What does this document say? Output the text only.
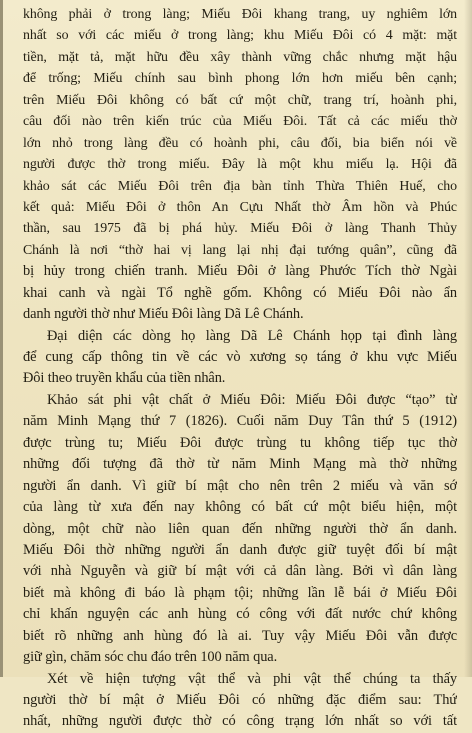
không phải ở trong làng; Miếu Đôi khang trang, uy nghiêm lớn
nhất so với các miếu ở trong làng; khu Miếu Đôi có 4 mặt: mặt
tiền, mặt tả, mặt hữu đều xây thành vững chắc nhưng mặt hậu
để trống; Miếu chính sau bình phong lớn hơn miếu bên cạnh;
trên Miếu Đôi không có bất cứ một chữ, trang trí, hoành phi,
câu đối nào trên kiến trúc của Miếu Đôi. Tất cả các miếu thờ
lớn nhỏ trong làng đều có hoành phi, câu đối, bia biển nói về
người được thờ trong miếu. Đây là một khu miếu lạ. Hội đã
khảo sát các Miếu Đôi trên địa bàn tỉnh Thừa Thiên Huế, cho
kết quả: Miếu Đôi ở thôn An Cựu Nhất thờ Âm hồn và Phúc
thần, sau 1975 đã bị phá hủy. Miếu Đôi ở làng Thanh Thủy
Chánh là nơi “thờ hai vị lang lại nhị đại tướng quân”, cũng đã
bị hủy trong chiến tranh. Miếu Đôi ở làng Phước Tích thờ Ngài
khai canh và ngài Tổ nghề gốm. Không có Miếu Đôi nào ẩn
danh người thờ như Miếu Đôi làng Dã Lê Chánh.
Đại diện các dòng họ làng Dã Lê Chánh họp tại đình làng
để cung cấp thông tin về các vò xương sọ táng ở khu vực Miếu
Đôi theo truyền khẩu của tiền nhân.
Khảo sát phi vật chất ở Miếu Đôi: Miếu Đôi được “tạo” từ
năm Minh Mạng thứ 7 (1826). Cuối năm Duy Tân thứ 5 (1912)
được trùng tu; Miếu Đôi được trùng tu không tiếp tục thờ
những đối tượng đã thờ từ năm Minh Mạng mà thờ những
người ẩn danh. Vì giữ bí mật cho nên trên 2 miếu và văn sớ
của làng từ xưa đến nay không có bất cứ một biểu hiện, một
dòng, một chữ nào liên quan đến những người thờ ẩn danh.
Miếu Đôi thờ những người ẩn danh được giữ tuyệt đối bí mật
với nhà Nguyễn và giữ bí mật với cả dân làng. Bởi vì dân làng
biết mà không đi báo là phạm tội; những lần lễ bái ở Miếu Đôi
chỉ khấn nguyện các anh hùng có công với đất nước chứ không
biết rõ những anh hùng đó là ai. Tuy vậy Miếu Đôi vẫn được
giữ gìn, chăm sóc chu đáo trên 100 năm qua.
Xét về hiện tượng vật thể và phi vật thể chúng ta thấy
người thờ bí mật ở Miếu Đôi có những đặc điểm sau: Thứ
nhất, những người được thờ có công trạng lớn nhất so với tất
